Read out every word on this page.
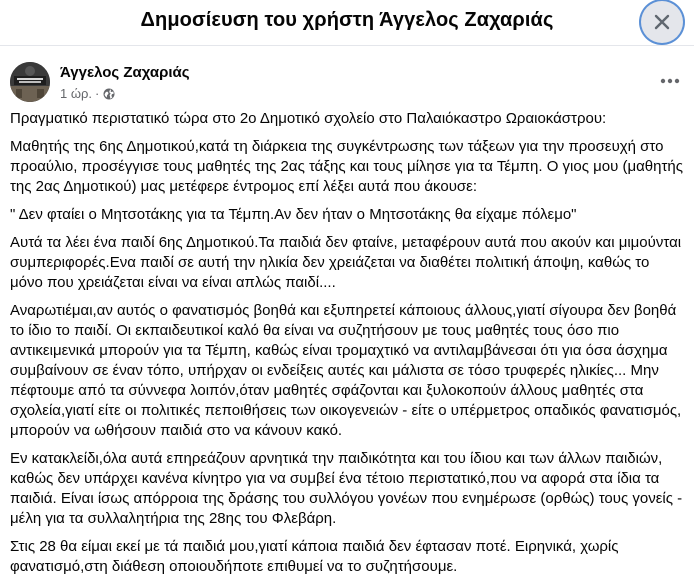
Δημοσίευση του χρήστη Άγγελος Ζαχαριάς
Άγγελος Ζαχαριάς
1 ώρ. ·

Πραγματικό περιστατικό τώρα στο 2ο Δημοτικό σχολείο στο Παλαιόκαστρο Ωραιοκάστρου:

Μαθητής της 6ης Δημοτικού,κατά τη διάρκεια της συγκέντρωσης των τάξεων για την προσευχή στο προαύλιο, προσέγγισε τους μαθητές της 2ας τάξης και τους μίλησε για τα Τέμπη. Ο γιος μου (μαθητής της 2ας Δημοτικού) μας μετέφερε έντρομος επί λέξει αυτά που άκουσε:

" Δεν φταίει ο Μητσοτάκης για τα Τέμπη.Αν δεν ήταν ο Μητσοτάκης θα είχαμε πόλεμο"

Αυτά τα λέει ένα παιδί 6ης Δημοτικού.Τα παιδιά δεν φταίνε, μεταφέρουν αυτά που ακούν και μιμούνται συμπεριφορές.Ενα παιδί σε αυτή την ηλικία δεν χρειάζεται να διαθέτει πολιτική άποψη, καθώς το μόνο που χρειάζεται είναι να είναι απλώς παιδί....

Αναρωτιέμαι,αν αυτός ο φανατισμός βοηθά και εξυπηρετεί κάποιους άλλους,γιατί σίγουρα δεν βοηθά το ίδιο το παιδί. Οι εκπαιδευτικοί καλό θα είναι να συζητήσουν με τους μαθητές τους όσο πιο αντικειμενικά μπορούν για τα Τέμπη, καθώς είναι τρομαχτικό να αντιλαμβάνεσαι ότι για όσα άσχημα συμβαίνουν σε έναν τόπο, υπήρχαν οι ενδείξεις αυτές και μάλιστα σε τόσο τρυφερές ηλικίες... Μην πέφτουμε από τα σύννεφα λοιπόν,όταν μαθητές σφάζονται και ξυλοκοπούν άλλους μαθητές στα σχολεία,γιατί είτε οι πολιτικές πεποιθήσεις των οικογενειών - είτε ο υπέρμετρος οπαδικός φανατισμός, μπορούν να ωθήσουν παιδιά στο να κάνουν κακό.

Εν κατακλείδι,όλα αυτά επηρεάζουν αρνητικά την παιδικότητα και του ίδιου και των άλλων παιδιών, καθώς δεν υπάρχει κανένα κίνητρο για να συμβεί ένα τέτοιο περιστατικό,που να αφορά στα ίδια τα παιδιά. Είναι ίσως απόρροια της δράσης του συλλόγου γονέων που ενημέρωσε (ορθώς) τους γονείς - μέλη για τα συλλαλητήρια της 28ης του Φλεβάρη.

Στις 28 θα είμαι εκεί με τά παιδιά μου,γιατί κάποια παιδιά δεν έφτασαν ποτέ. Ειρηνικά, χωρίς φανατισμό,στη διάθεση οποιουδήποτε επιθυμεί να το συζητήσουμε.
